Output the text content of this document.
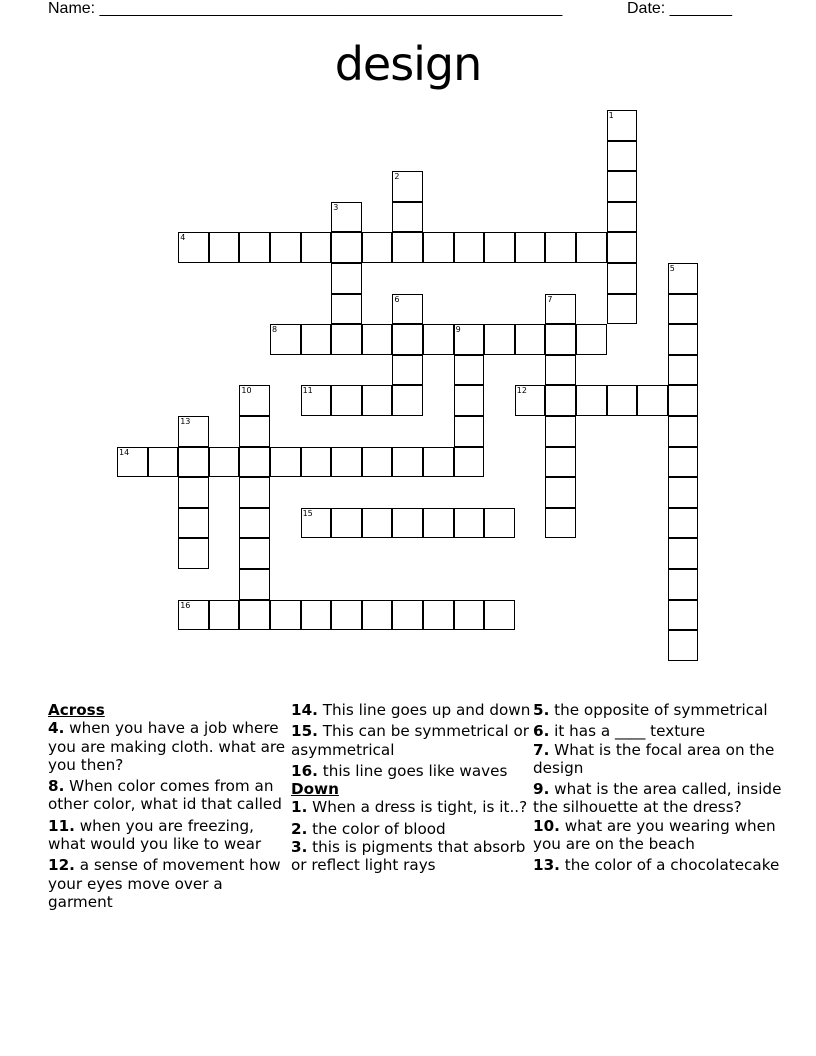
Name: ____________________________________________________	Date: _______
design
1
2
3
4
5
6	7
8	9
10	11	12
13
14
15
16
Across
4. when you have a job where you are making cloth. what are you then?
8. When color comes from an other color, what id that called
11. when you are freezing, what would you like to wear
12. a sense of movement how your eyes move over a garment
14. This line goes up and down
15. This can be symmetrical or asymmetrical
16. this line goes like waves
Down
1. When a dress is tight, is it..?
2. the color of blood
3. this is pigments that absorb or reflect light rays
5. the opposite of symmetrical
6. it has a ____ texture
7. What is the focal area on the design
9. what is the area called, inside the silhouette at the dress?
10. what are you wearing when you are on the beach
13. the color of a chocolatecake
